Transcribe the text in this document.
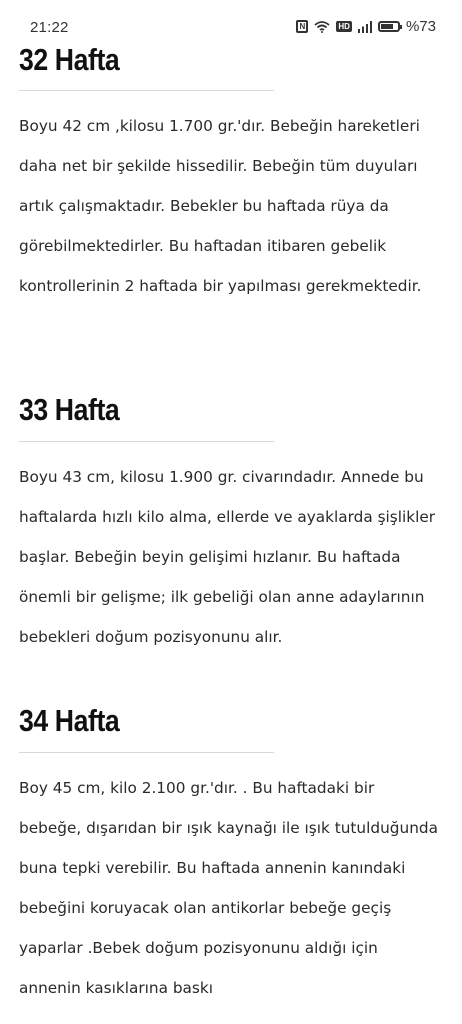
21:22	N	HD	%73
32 Hafta

Boyu 42 cm ,kilosu 1.700 gr.'dır. Bebeğin hareketleri daha net bir şekilde hissedilir. Bebeğin tüm duyuları artık çalışmaktadır. Bebekler bu haftada rüya da görebilmektedirler. Bu haftadan itibaren gebelik kontrollerinin 2 haftada bir yapılması gerekmektedir.

33 Hafta

Boyu 43 cm, kilosu 1.900 gr. civarındadır. Annede bu haftalarda hızlı kilo alma, ellerde ve ayaklarda şişlikler başlar. Bebeğin beyin gelişimi hızlanır. Bu haftada önemli bir gelişme; ilk gebeliği olan anne adaylarının bebekleri doğum pozisyonunu alır.

34 Hafta

Boy 45 cm, kilo 2.100 gr.'dır. . Bu haftadaki bir bebeğe, dışarıdan bir ışık kaynağı ile ışık tutulduğunda buna tepki verebilir. Bu haftada annenin kanındaki bebeğini koruyacak olan antikorlar bebeğe geçiş yaparlar .Bebek doğum pozisyonunu aldığı için annenin kasıklarına baskı
